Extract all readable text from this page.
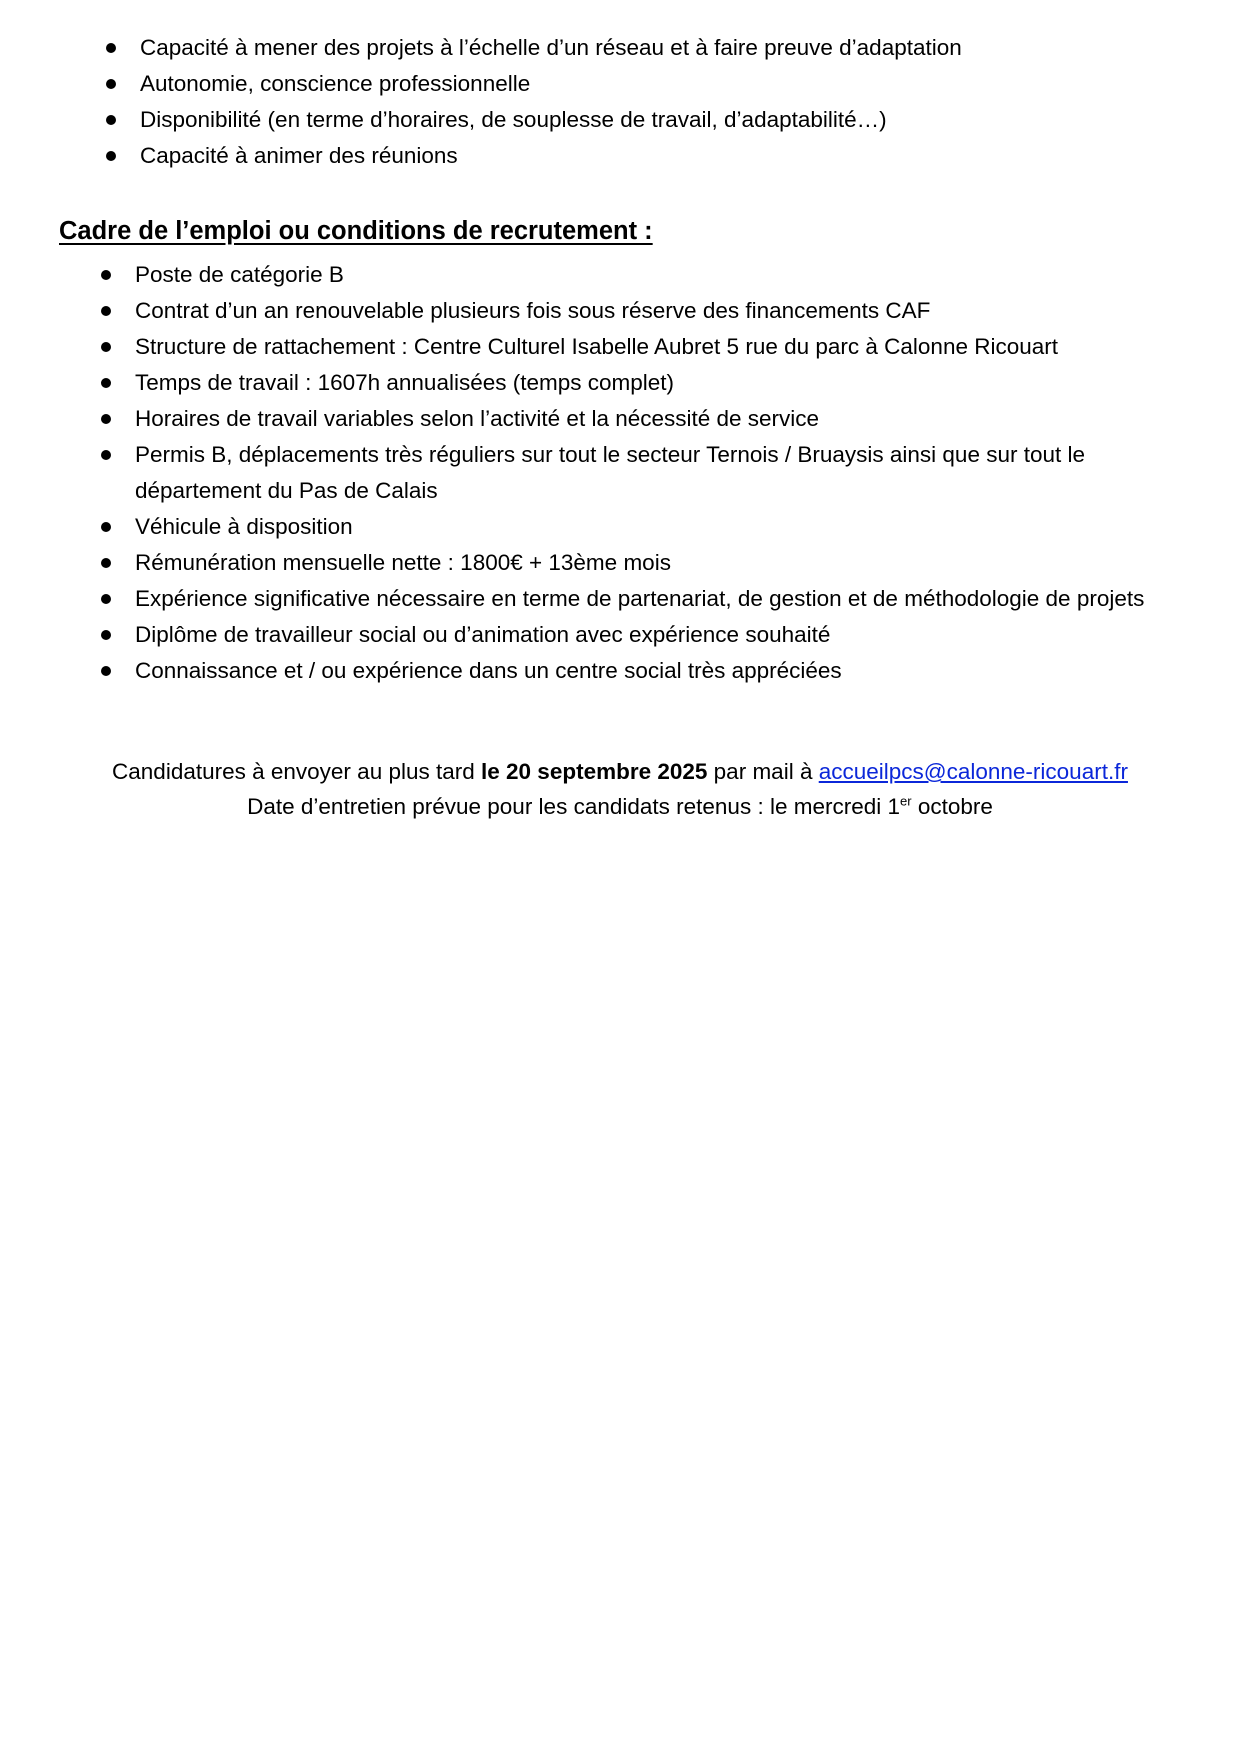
Capacité à mener des projets à l’échelle d’un réseau et à faire preuve d’adaptation
Autonomie, conscience professionnelle
Disponibilité (en terme d’horaires, de souplesse de travail, d’adaptabilité…)
Capacité à animer des réunions
Cadre de l’emploi ou conditions de recrutement :
Poste de catégorie B
Contrat d’un an renouvelable plusieurs fois sous réserve des financements CAF
Structure de rattachement : Centre Culturel Isabelle Aubret 5 rue du parc à Calonne Ricouart
Temps de travail : 1607h annualisées (temps complet)
Horaires de travail variables selon l’activité et la nécessité de service
Permis B, déplacements très réguliers sur tout le secteur Ternois / Bruaysis ainsi que sur tout le département du Pas de Calais
Véhicule à disposition
Rémunération mensuelle nette : 1800€ + 13ème mois
Expérience significative nécessaire en terme de partenariat, de gestion et de méthodologie de projets
Diplôme de travailleur social ou d’animation avec expérience souhaité
Connaissance et / ou expérience dans un centre social très appréciées
Candidatures à envoyer au plus tard le 20 septembre 2025 par mail à accueilpcs@calonne-ricouart.fr
Date d’entretien prévue pour les candidats retenus : le mercredi 1er octobre
